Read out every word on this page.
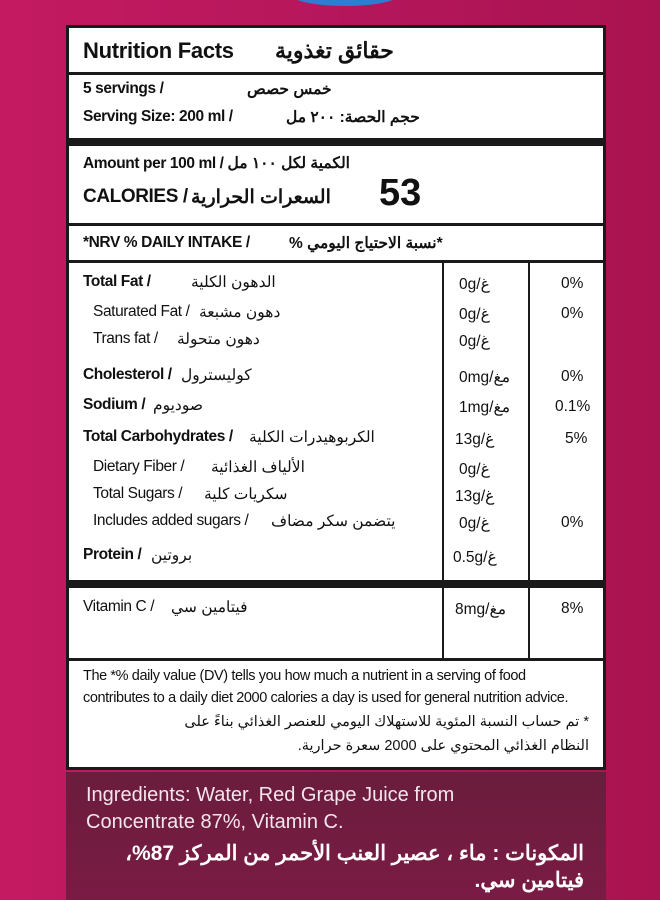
Nutrition Facts حقائق تغذوية
5 servings /	خمس حصص
Serving Size: 200 ml /	حجم الحصة: ٢٠٠ مل
Amount per 100 ml / الكمية لكل ١٠٠ مل
CALORIES / السعرات الحرارية 53
*NRV % DAILY INTAKE /	*نسبة الاحتياج اليومي %
Total Fat /	الدهون الكلية	0g/غ	0%
Saturated Fat / دهون مشبعة	0g/غ	0%
Trans fat / دهون متحولة	0g/غ
Cholesterol / كوليسترول	0mg/مغ	0%
Sodium / صوديوم	1mg/مغ	0.1%
Total Carbohydrates / الكربوهيدرات الكلية	13g/غ	5%
Dietary Fiber / الألياف الغذائية	0g/غ
Total Sugars / سكريات كلية	13g/غ
Includes added sugars / يتضمن سكر مضاف	0g/غ	0%
Protein / بروتين	0.5g/غ
Vitamin C / فيتامين سي	8mg/مغ	8%
The *% daily value (DV) tells you how much a nutrient in a serving of food
contributes to a daily diet 2000 calories a day is used for general nutrition advice.
* تم حساب النسبة المئوية للاستهلاك اليومي للعنصر الغذائي بناءً على
النظام الغذائي المحتوي على 2000 سعرة حرارية.
Ingredients: Water, Red Grape Juice from Concentrate 87%, Vitamin C.
المكونات : ماء ، عصير العنب الأحمر من المركز 87%، فيتامين سي.
